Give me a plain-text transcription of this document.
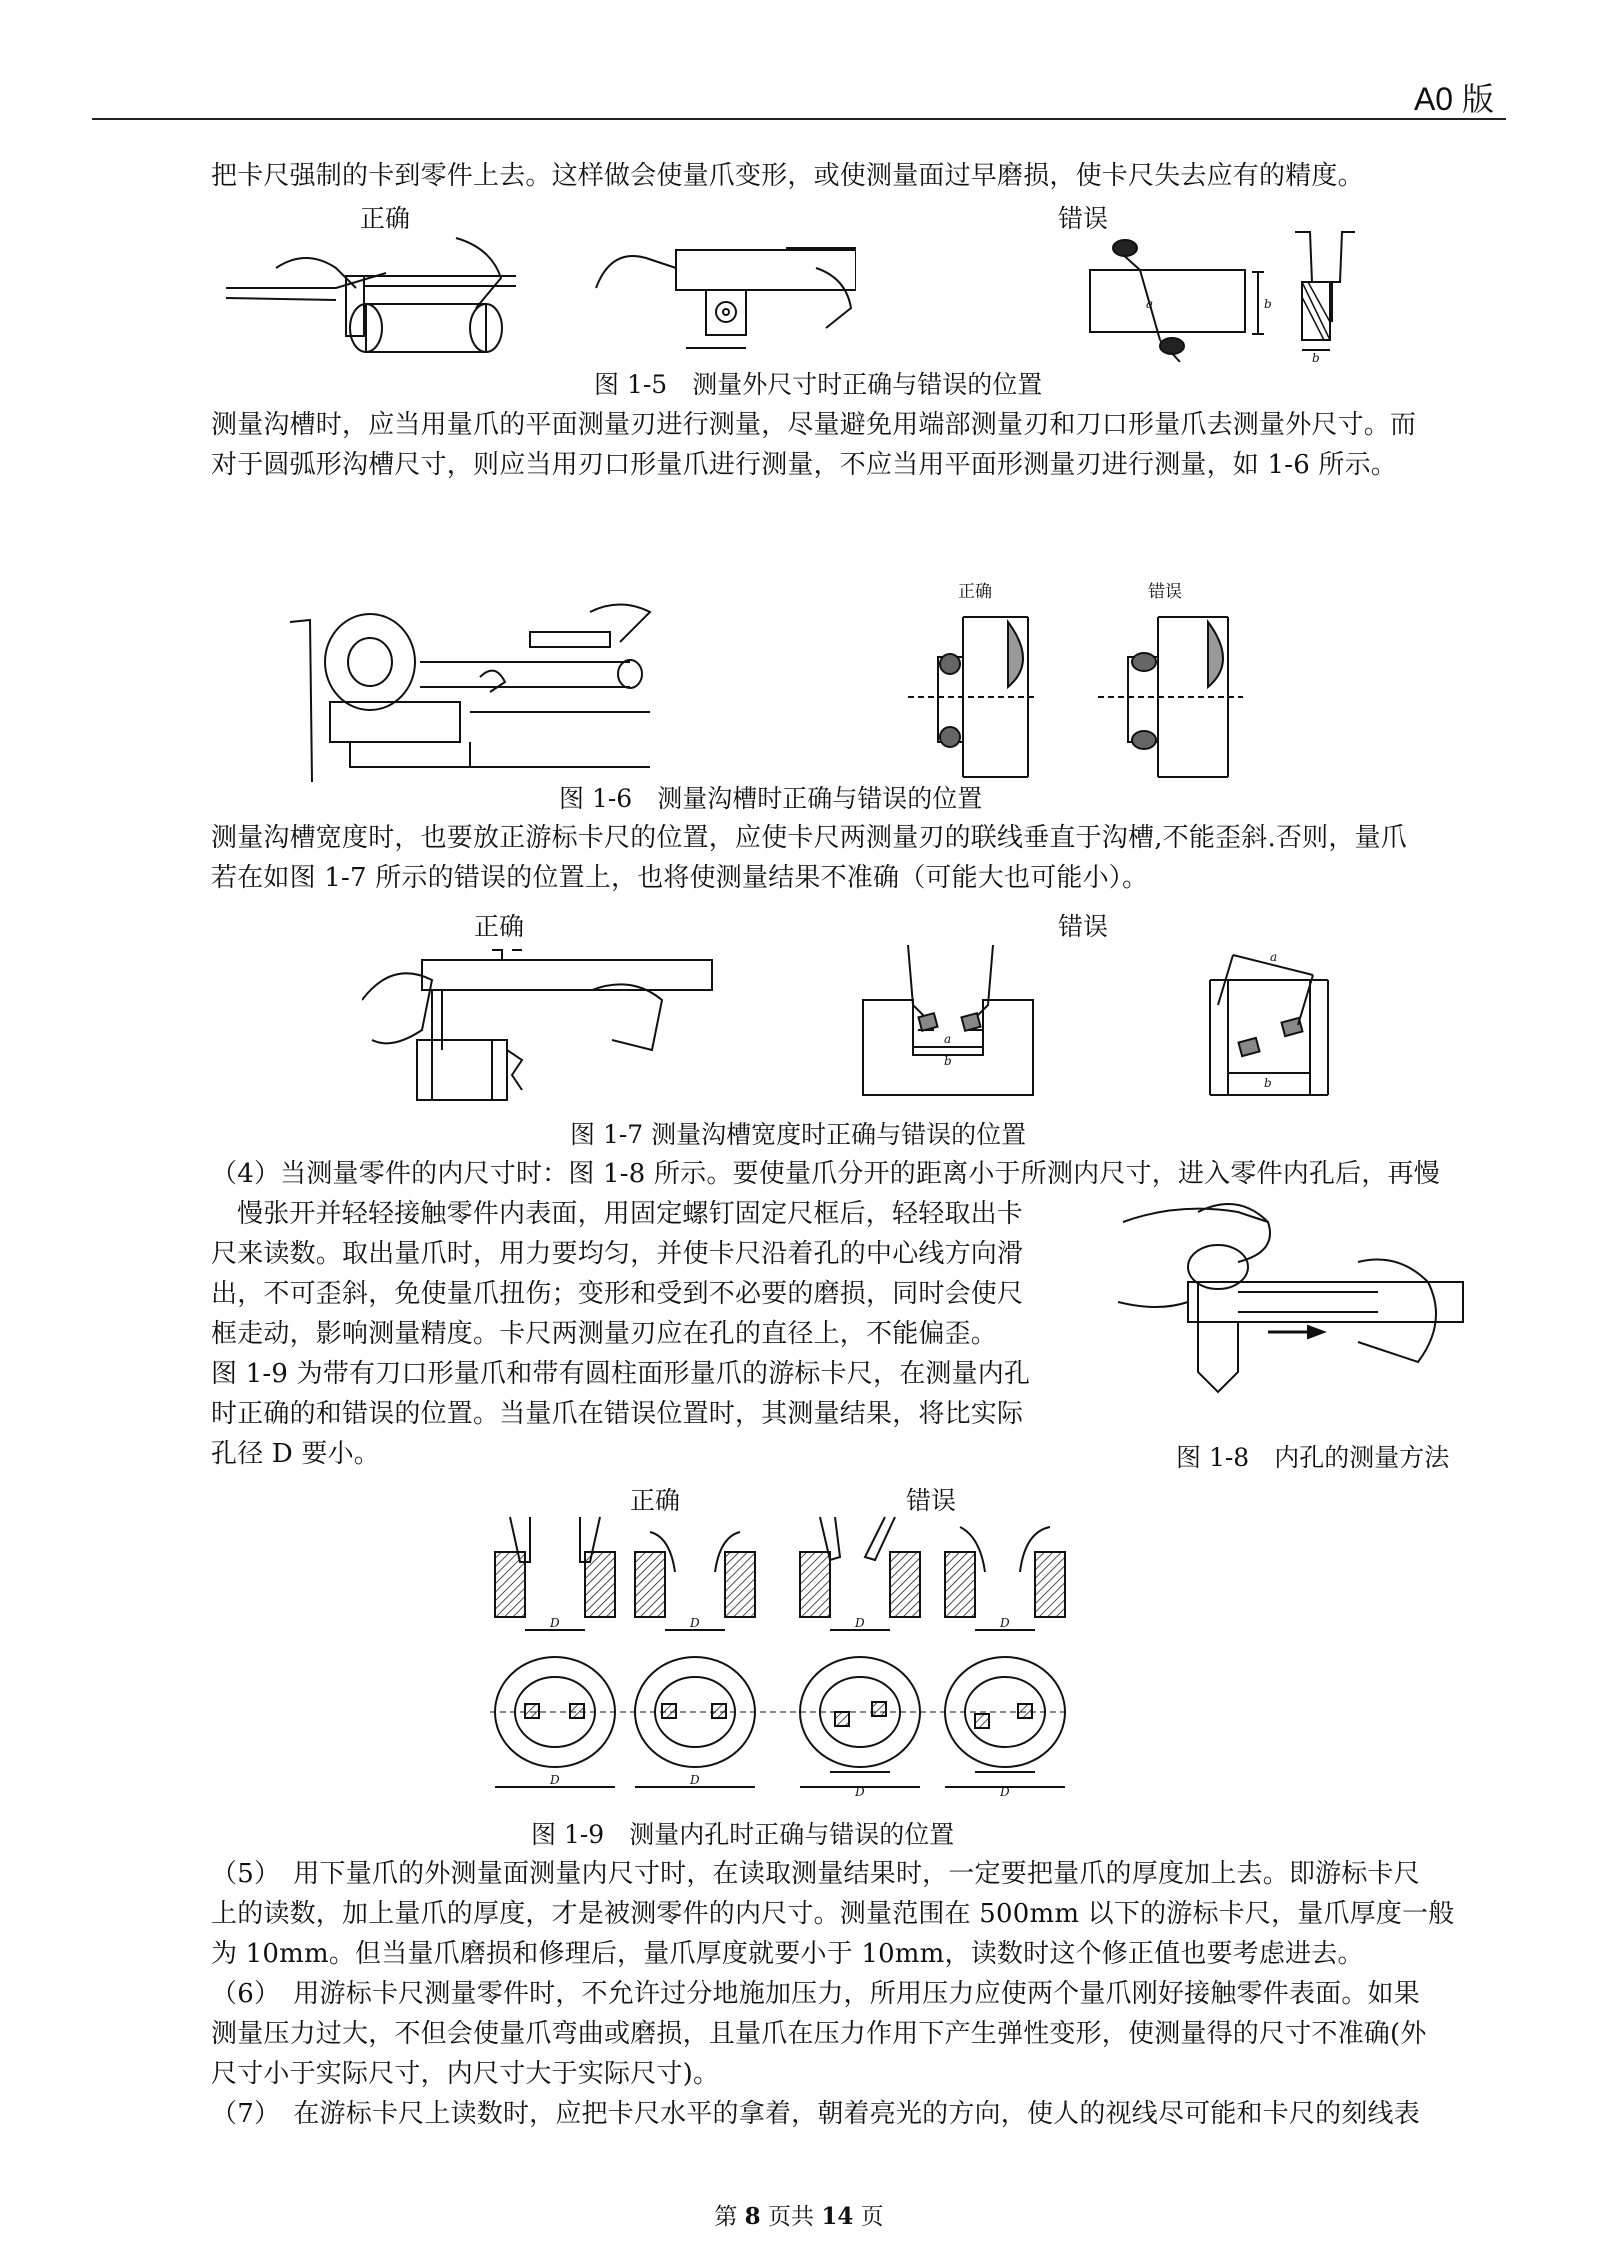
A0 版
把卡尺强制的卡到零件上去。这样做会使量爪变形，或使测量面过早磨损，使卡尺失去应有的精度。
正确	错误
b
a
b
图 1-5　测量外尺寸时正确与错误的位置
测量沟槽时，应当用量爪的平面测量刃进行测量，尽量避免用端部测量刃和刀口形量爪去测量外尺寸。而
对于圆弧形沟槽尺寸，则应当用刃口形量爪进行测量，不应当用平面形测量刃进行测量，如 1-6 所示。
正确	错误
图 1-6　测量沟槽时正确与错误的位置
测量沟槽宽度时，也要放正游标卡尺的位置，应使卡尺两测量刃的联线垂直于沟槽,不能歪斜.否则，量爪
若在如图 1-7 所示的错误的位置上，也将使测量结果不准确（可能大也可能小）。
正确	错误
a
b
a
b
图 1-7 测量沟槽宽度时正确与错误的位置
（4）当测量零件的内尺寸时：图 1-8 所示。要使量爪分开的距离小于所测内尺寸，进入零件内孔后，再慢
慢张开并轻轻接触零件内表面，用固定螺钉固定尺框后，轻轻取出卡
尺来读数。取出量爪时，用力要均匀，并使卡尺沿着孔的中心线方向滑
出，不可歪斜，免使量爪扭伤；变形和受到不必要的磨损，同时会使尺
框走动，影响测量精度。卡尺两测量刃应在孔的直径上，不能偏歪。
图 1-9 为带有刀口形量爪和带有圆柱面形量爪的游标卡尺，在测量内孔
时正确的和错误的位置。当量爪在错误位置时，其测量结果，将比实际
孔径 D 要小。	图 1-8　内孔的测量方法
正确	错误
D	D	D	D
D	D
D	D
图 1-9　测量内孔时正确与错误的位置
（5）　用下量爪的外测量面测量内尺寸时，在读取测量结果时，一定要把量爪的厚度加上去。即游标卡尺
上的读数，加上量爪的厚度，才是被测零件的内尺寸。测量范围在 500mm 以下的游标卡尺，量爪厚度一般
为 10mm。但当量爪磨损和修理后，量爪厚度就要小于 10mm，读数时这个修正值也要考虑进去。
（6）　用游标卡尺测量零件时，不允许过分地施加压力，所用压力应使两个量爪刚好接触零件表面。如果
测量压力过大，不但会使量爪弯曲或磨损，且量爪在压力作用下产生弹性变形，使测量得的尺寸不准确(外
尺寸小于实际尺寸，内尺寸大于实际尺寸)。
（7）　在游标卡尺上读数时，应把卡尺水平的拿着，朝着亮光的方向，使人的视线尽可能和卡尺的刻线表
第 8 页共 14 页
